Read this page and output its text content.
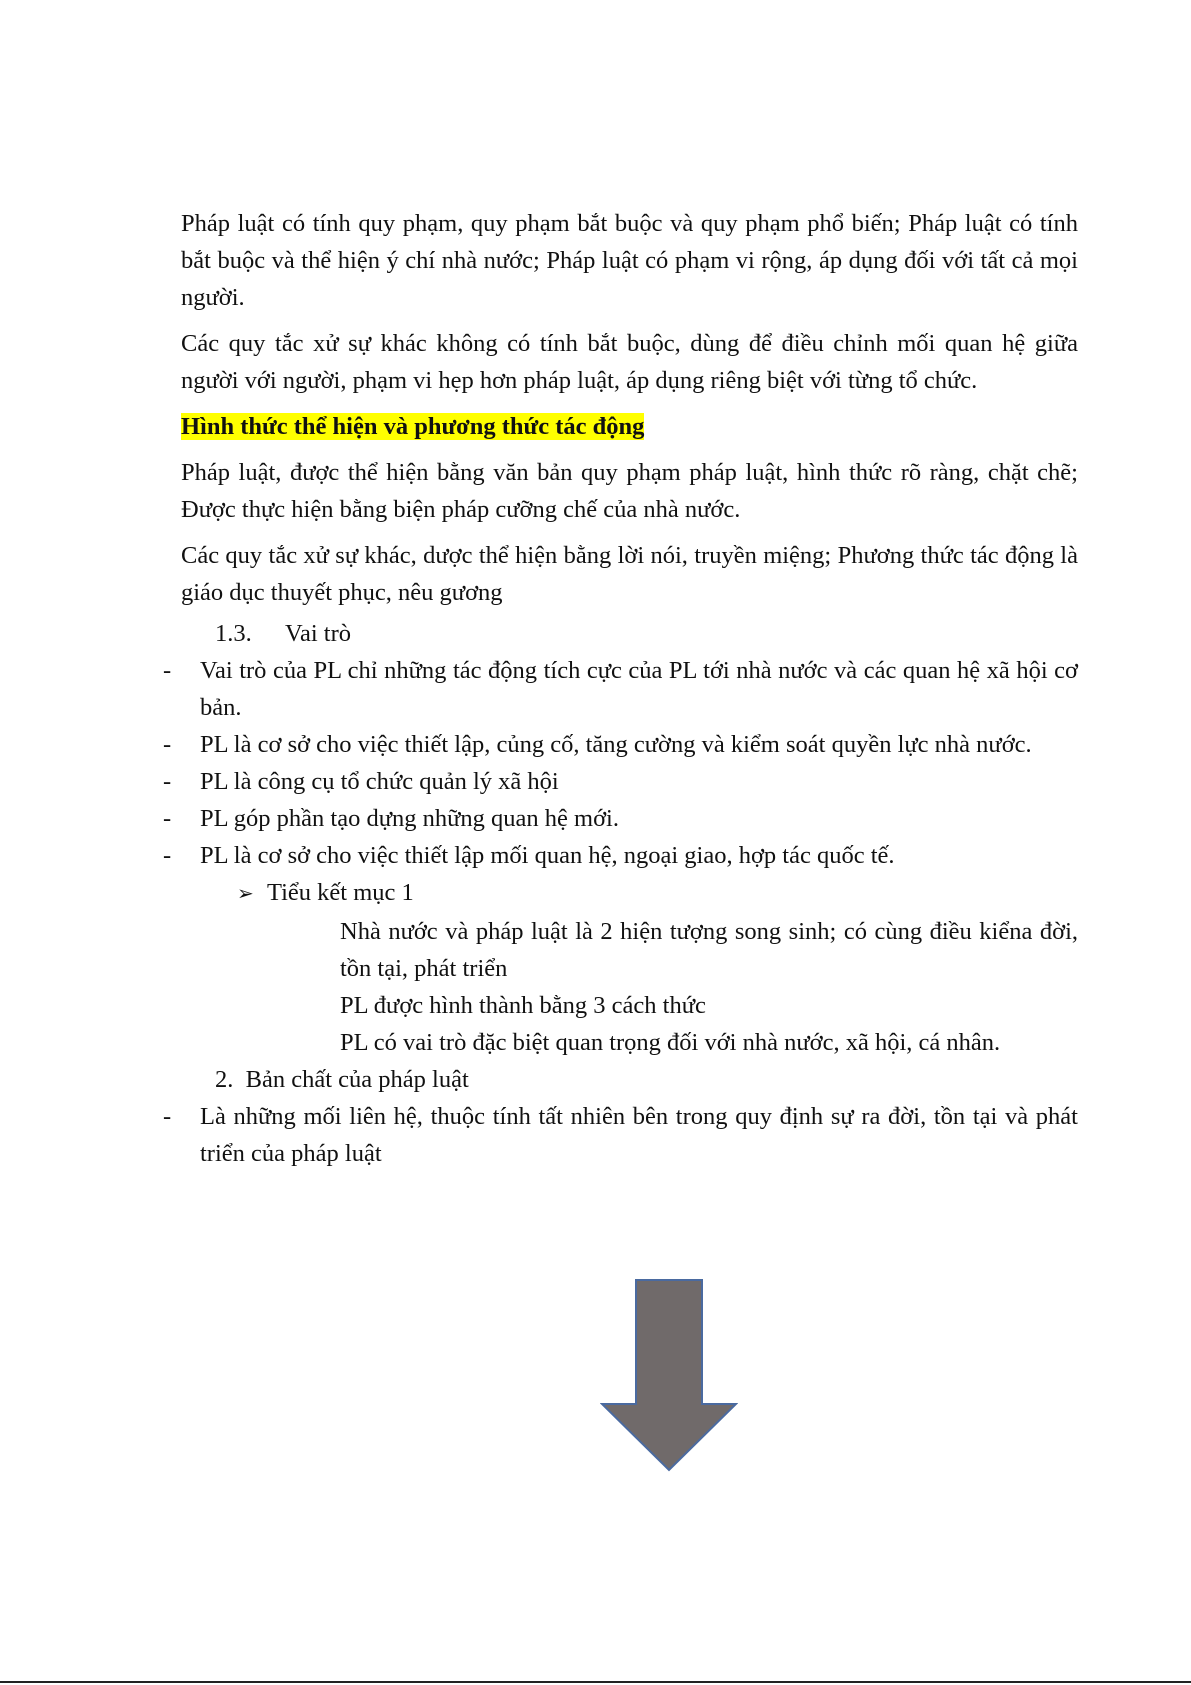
Pháp luật có tính quy phạm, quy phạm bắt buộc và quy phạm phổ biến; Pháp luật có tính bắt buộc và thể hiện ý chí nhà nước; Pháp luật có phạm vi rộng, áp dụng đối với tất cả mọi người.

Các quy tắc xử sự khác không có tính bắt buộc, dùng để điều chỉnh mối quan hệ giữa người với người, phạm vi hẹp hơn pháp luật, áp dụng riêng biệt với từng tổ chức.

Hình thức thể hiện và phương thức tác động

Pháp luật, được thể hiện bằng văn bản quy phạm pháp luật, hình thức rõ ràng, chặt chẽ; Được thực hiện bằng biện pháp cưỡng chế của nhà nước.

Các quy tắc xử sự khác, dược thể hiện bằng lời nói, truyền miệng; Phương thức tác động là giáo dục thuyết phục, nêu gương

1.3. Vai trò

- Vai trò của PL chỉ những tác động tích cực của PL tới nhà nước và các quan hệ xã hội cơ bản.

- PL là cơ sở cho việc thiết lập, củng cố, tăng cường và kiểm soát quyền lực nhà nước.

- PL là công cụ tổ chức quản lý xã hội

- PL góp phần tạo dựng những quan hệ mới.

- PL là cơ sở cho việc thiết lập mối quan hệ, ngoại giao, hợp tác quốc tế.

➢ Tiểu kết mục 1

Nhà nước và pháp luật là 2 hiện tượng song sinh; có cùng điều kiểna đời, tồn tại, phát triển

PL được hình thành bằng 3 cách thức

PL có vai trò đặc biệt quan trọng đối với nhà nước, xã hội, cá nhân.

2. Bản chất của pháp luật

- Là những mối liên hệ, thuộc tính tất nhiên bên trong quy định sự ra đời, tồn tại và phát triển của pháp luật
